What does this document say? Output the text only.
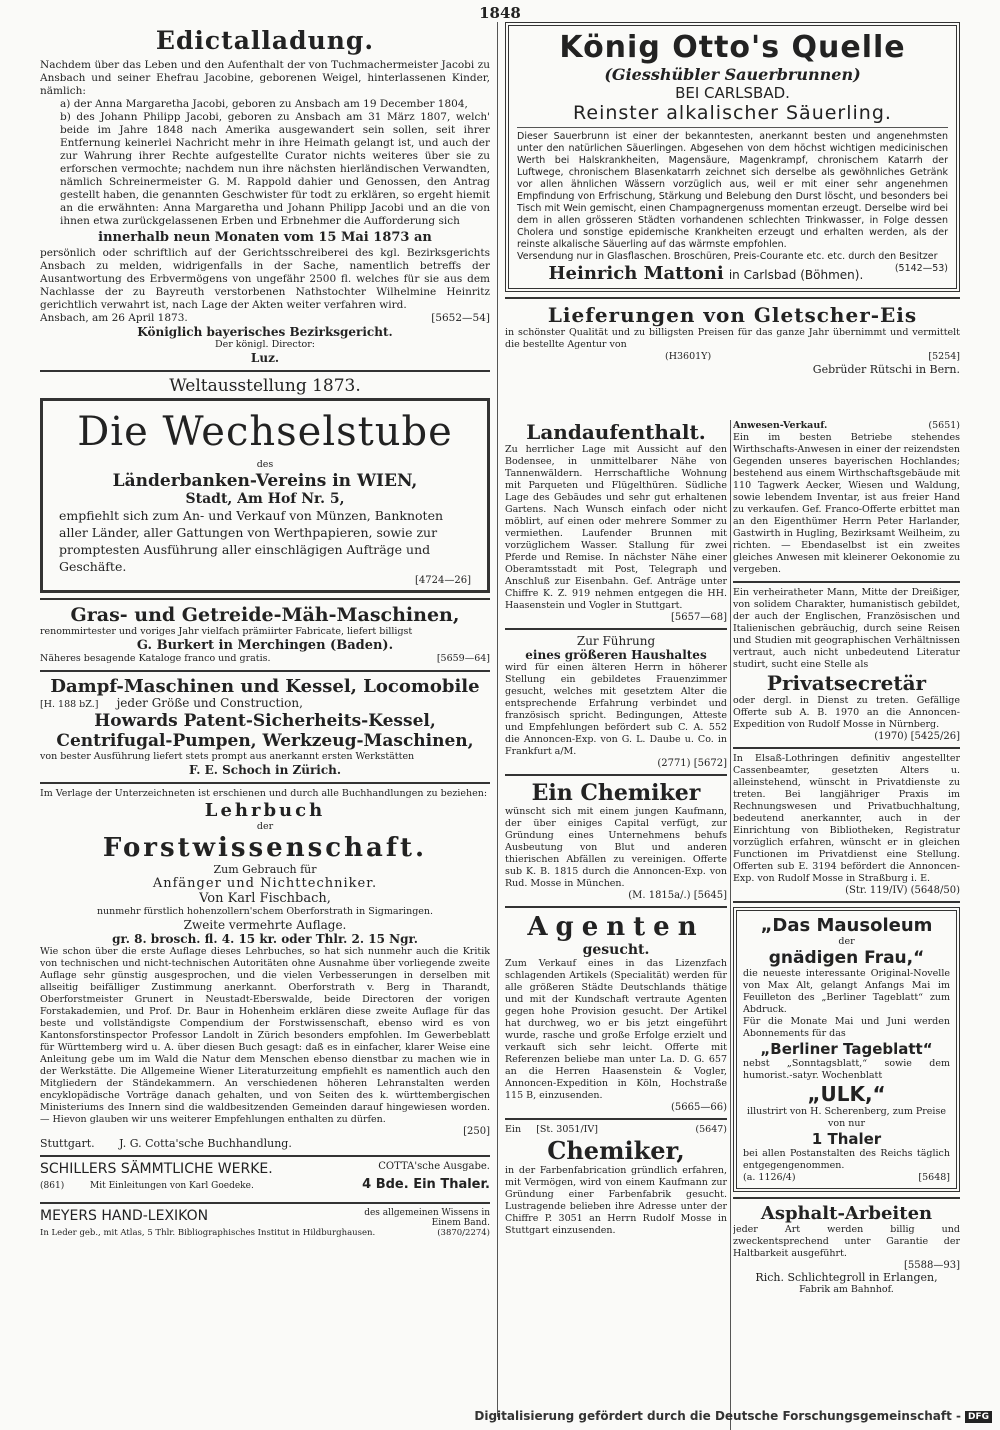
1848
Edictalladung.

Nachdem über das Leben und den Aufenthalt der von Tuchmachermeister Jacobi zu Ansbach und seiner Ehefrau Jacobine, geborenen Weigel, hinterlassenen Kinder, nämlich:

a) der Anna Margaretha Jacobi, geboren zu Ansbach am 19 December 1804,

b) des Johann Philipp Jacobi, geboren zu Ansbach am 31 März 1807, welch' beide im Jahre 1848 nach Amerika ausgewandert sein sollen, seit ihrer Entfernung keinerlei Nachricht mehr in ihre Heimath gelangt ist, und auch der zur Wahrung ihrer Rechte aufgestellte Curator nichts weiteres über sie zu erforschen vermochte; nachdem nun ihre nächsten hierländischen Verwandten, nämlich Schreinermeister G. M. Rappold dahier und Genossen, den Antrag gestellt haben, die genannten Geschwister für todt zu erklären, so ergeht hiemit an die erwähnten: Anna Margaretha und Johann Philipp Jacobi und an die von ihnen etwa zurückgelassenen Erben und Erbnehmer die Aufforderung sich

innerhalb neun Monaten vom 15 Mai 1873 an

persönlich oder schriftlich auf der Gerichtsschreiberei des kgl. Bezirksgerichts Ansbach zu melden, widrigenfalls in der Sache, namentlich betreffs der Ausantwortung des Erbvermögens von ungefähr 2500 fl. welches für sie aus dem Nachlasse der zu Bayreuth verstorbenen Nathstochter Wilhelmine Heinritz gerichtlich verwahrt ist, nach Lage der Akten weiter verfahren wird.

Ansbach, am 26 April 1873.	[5652—54]

Königlich bayerisches Bezirksgericht.

Der königl. Director:

Luz.

Weltausstellung 1873.

Die Wechselstube

des

Länderbanken-Vereins in WIEN,

Stadt, Am Hof Nr. 5,

empfiehlt sich zum An- und Verkauf von Münzen, Banknoten aller Länder, aller Gattungen von Werthpapieren, sowie zur promptesten Ausführung aller einschlägigen Aufträge und Geschäfte.

[4724—26]

Gras- und Getreide-Mäh-Maschinen,

renommirtester und voriges Jahr vielfach prämiirter Fabricate, liefert billigst

G. Burkert in Merchingen (Baden).

Näheres besagende Kataloge franco und gratis.	[5659—64]

Dampf-Maschinen und Kessel, Locomobile

[H. 188 bZ.] jeder Größe und Construction,

Howards Patent-Sicherheits-Kessel,

Centrifugal-Pumpen, Werkzeug-Maschinen,

von bester Ausführung liefert stets prompt aus anerkannt ersten Werkstätten

F. E. Schoch in Zürich.

Im Verlage der Unterzeichneten ist erschienen und durch alle Buchhandlungen zu beziehen:

Lehrbuch

der

Forstwissenschaft.

Zum Gebrauch für

Anfänger und Nichttechniker.

Von Karl Fischbach,

nunmehr fürstlich hohenzollern'schem Oberforstrath in Sigmaringen.

Zweite vermehrte Auflage.

gr. 8. brosch. fl. 4. 15 kr. oder Thlr. 2. 15 Ngr.

Wie schon über die erste Auflage dieses Lehrbuches, so hat sich nunmehr auch die Kritik von technischen und nicht-technischen Autoritäten ohne Ausnahme über vorliegende zweite Auflage sehr günstig ausgesprochen, und die vielen Verbesserungen in derselben mit allseitig beifälliger Zustimmung anerkannt. Oberforstrath v. Berg in Tharandt, Oberforstmeister Grunert in Neustadt-Eberswalde, beide Directoren der vorigen Forstakademien, und Prof. Dr. Baur in Hohenheim erklären diese zweite Auflage für das beste und vollständigste Compendium der Forstwissenschaft, ebenso wird es von Kantonsforstinspector Professor Landolt in Zürich besonders empfohlen. Im Gewerbeblatt für Württemberg wird u. A. über diesen Buch gesagt: daß es in einfacher, klarer Weise eine Anleitung gebe um im Wald die Natur dem Menschen ebenso dienstbar zu machen wie in der Werkstätte. Die Allgemeine Wiener Literaturzeitung empfiehlt es namentlich auch den Mitgliedern der Ständekammern. An verschiedenen höheren Lehranstalten werden encyklopädische Vorträge danach gehalten, und von Seiten des k. württembergischen Ministeriums des Innern sind die waldbesitzenden Gemeinden darauf hingewiesen worden. — Hievon glauben wir uns weiterer Empfehlungen enthalten zu dürfen.

[250]

Stuttgart. J. G. Cotta'sche Buchhandlung.

SCHILLERS SÄMMTLICHE WERKE.	COTTA'sche Ausgabe.
(861)	Mit Einleitungen von Karl Goedeke.	4 Bde. Ein Thaler.
MEYERS HAND-LEXIKON	des allgemeinen Wissens in Einem Band.
In Leder geb., mit Atlas, 5 Thlr. Bibliographisches Institut in Hildburghausen.	(3870/2274)

König Otto's Quelle

(Giesshübler Sauerbrunnen)

BEI CARLSBAD.

Reinster alkalischer Säuerling.

Dieser Sauerbrunn ist einer der bekanntesten, anerkannt besten und angenehmsten unter den natürlichen Säuerlingen. Abgesehen von dem höchst wichtigen medicinischen Werth bei Halskrankheiten, Magensäure, Magenkrampf, chronischem Katarrh der Luftwege, chronischem Blasenkatarrh zeichnet sich derselbe als gewöhnliches Getränk vor allen ähnlichen Wässern vorzüglich aus, weil er mit einer sehr angenehmen Empfindung von Erfrischung, Stärkung und Belebung den Durst löscht, und besonders bei Tisch mit Wein gemischt, einen Champagnergenuss momentan erzeugt. Derselbe wird bei dem in allen grösseren Städten vorhandenen schlechten Trinkwasser, in Folge dessen Cholera und sonstige epidemische Krankheiten erzeugt und erhalten werden, als der reinste alkalische Säuerling auf das wärmste empfohlen.

Versendung nur in Glasflaschen. Broschüren, Preis-Courante etc. etc. durch den Besitzer
(5142—53)

Heinrich Mattoni in Carlsbad (Böhmen).

Lieferungen von Gletscher-Eis

in schönster Qualität und zu billigsten Preisen für das ganze Jahr übernimmt und vermittelt die bestellte Agentur von

(H3601Y)	[5254]

Gebrüder Rütschi in Bern.

Landaufenthalt.

Zu herrlicher Lage mit Aussicht auf den Bodensee, in unmittelbarer Nähe von Tannenwäldern. Herrschaftliche Wohnung mit Parqueten und Flügelthüren. Südliche Lage des Gebäudes und sehr gut erhaltenen Gartens. Nach Wunsch einfach oder nicht möblirt, auf einen oder mehrere Sommer zu vermiethen. Laufender Brunnen mit vorzüglichem Wasser. Stallung für zwei Pferde und Remise. In nächster Nähe einer Oberamtsstadt mit Post, Telegraph und Anschluß zur Eisenbahn. Gef. Anträge unter Chiffre K. Z. 919 nehmen entgegen die HH. Haasenstein und Vogler in Stuttgart.

[5657—68]

Zur Führung

eines größeren Haushaltes

wird für einen älteren Herrn in höherer Stellung ein gebildetes Frauenzimmer gesucht, welches mit gesetztem Alter die entsprechende Erfahrung verbindet und französisch spricht. Bedingungen, Atteste und Empfehlungen befördert sub C. A. 552 die Annoncen-Exp. von G. L. Daube u. Co. in Frankfurt a/M.

(2771) [5672]

Ein Chemiker

wünscht sich mit einem jungen Kaufmann, der über einiges Capital verfügt, zur Gründung eines Unternehmens behufs Ausbeutung von Blut und anderen thierischen Abfällen zu vereinigen. Offerte sub K. B. 1815 durch die Annoncen-Exp. von Rud. Mosse in München.

(M. 1815a/.) [5645]

Agenten

gesucht.

Zum Verkauf eines in das Lizenzfach schlagenden Artikels (Specialität) werden für alle größeren Städte Deutschlands thätige und mit der Kundschaft vertraute Agenten gegen hohe Provision gesucht. Der Artikel hat durchweg, wo er bis jetzt eingeführt wurde, rasche und große Erfolge erzielt und verkauft sich sehr leicht. Offerte mit Referenzen beliebe man unter La. D. G. 657 an die Herren Haasenstein & Vogler, Annoncen-Expedition in Köln, Hochstraße 115 B, einzusenden.

(5665—66)

Ein [St. 3051/IV]	(5647)

Chemiker,

in der Farbenfabrication gründlich erfahren, mit Vermögen, wird von einem Kaufmann zur Gründung einer Farbenfabrik gesucht. Lustragende belieben ihre Adresse unter der Chiffre P. 3051 an Herrn Rudolf Mosse in Stuttgart einzusenden.

Anwesen-Verkauf.	(5651)

Ein im besten Betriebe stehendes Wirthschafts-Anwesen in einer der reizendsten Gegenden unseres bayerischen Hochlandes; bestehend aus einem Wirthschaftsgebäude mit 110 Tagwerk Aecker, Wiesen und Waldung, sowie lebendem Inventar, ist aus freier Hand zu verkaufen. Gef. Franco-Offerte erbittet man an den Eigenthümer Herrn Peter Harlander, Gastwirth in Hugling, Bezirksamt Weilheim, zu richten. — Ebendaselbst ist ein zweites gleiches Anwesen mit kleinerer Oekonomie zu vergeben.

Ein verheiratheter Mann, Mitte der Dreißiger, von solidem Charakter, humanistisch gebildet, der auch der Englischen, Französischen und Italienischen gebräuchig, durch seine Reisen und Studien mit geographischen Verhältnissen vertraut, auch nicht unbedeutend Literatur studirt, sucht eine Stelle als

Privatsecretär

oder dergl. in Dienst zu treten. Gefällige Offerte sub A. B. 1970 an die Annoncen-Expedition von Rudolf Mosse in Nürnberg.

(1970) [5425/26]

In Elsaß-Lothringen definitiv angestellter Cassenbeamter, gesetzten Alters u. alleinstehend, wünscht in Privatdienste zu treten. Bei langjähriger Praxis im Rechnungswesen und Privatbuchhaltung, bedeutend anerkannter, auch in der Einrichtung von Bibliotheken, Registratur vorzüglich erfahren, wünscht er in gleichen Functionen im Privatdienst eine Stellung. Offerten sub E. 3194 befördert die Annoncen-Exp. von Rudolf Mosse in Straßburg i. E.

(Str. 119/IV) (5648/50)

„Das Mausoleum

der

gnädigen Frau,“

die neueste interessante Original-Novelle von Max Alt, gelangt Anfangs Mai im Feuilleton des „Berliner Tageblatt“ zum Abdruck.

Für die Monate Mai und Juni werden Abonnements für das

„Berliner Tageblatt“

nebst „Sonntagsblatt,“ sowie dem humorist.-satyr. Wochenblatt

„ULK,“

illustrirt von H. Scherenberg, zum Preise von nur

1 Thaler

bei allen Postanstalten des Reichs täglich entgegengenommen.

(a. 1126/4)	[5648]

Asphalt-Arbeiten

jeder Art werden billig und zweckentsprechend unter Garantie der Haltbarkeit ausgeführt.

[5588—93]

Rich. Schlichtegroll in Erlangen,

Fabrik am Bahnhof.

Digitalisierung gefördert durch die Deutsche Forschungsgemeinschaft - DFG
